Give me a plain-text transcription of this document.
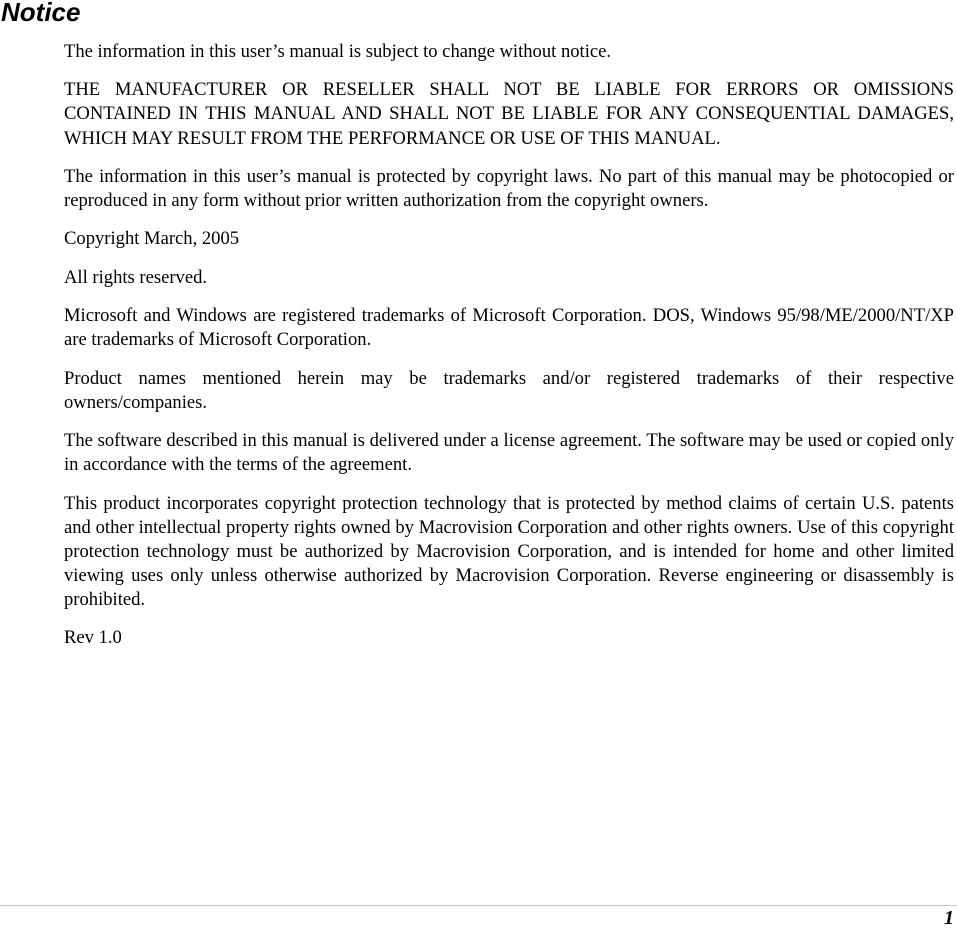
Notice

The information in this user’s manual is subject to change without notice.

THE MANUFACTURER OR RESELLER SHALL NOT BE LIABLE FOR ERRORS OR OMISSIONS CONTAINED IN THIS MANUAL AND SHALL NOT BE LIABLE FOR ANY CONSEQUENTIAL DAMAGES, WHICH MAY RESULT FROM THE PERFORMANCE OR USE OF THIS MANUAL.

The information in this user’s manual is protected by copyright laws. No part of this manual may be photocopied or reproduced in any form without prior written authorization from the copyright owners.

Copyright March, 2005

All rights reserved.

Microsoft and Windows are registered trademarks of Microsoft Corporation. DOS, Windows 95/98/ME/2000/NT/XP are trademarks of Microsoft Corporation.

Product names mentioned herein may be trademarks and/or registered trademarks of their respective owners/companies.

The software described in this manual is delivered under a license agreement. The software may be used or copied only in accordance with the terms of the agreement.

This product incorporates copyright protection technology that is protected by method claims of certain U.S. patents and other intellectual property rights owned by Macrovision Corporation and other rights owners. Use of this copyright protection technology must be authorized by Macrovision Corporation, and is intended for home and other limited viewing uses only unless otherwise authorized by Macrovision Corporation. Reverse engineering or disassembly is prohibited.

Rev 1.0

1
